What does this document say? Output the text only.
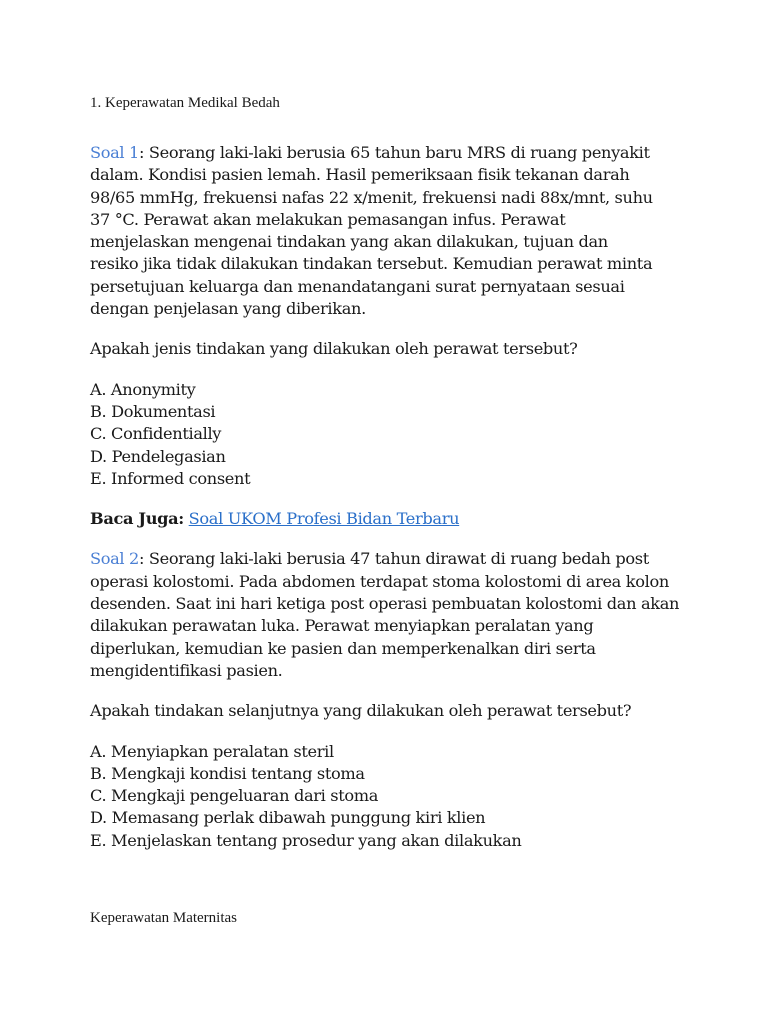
1. Keperawatan Medikal Bedah

Soal 1: Seorang laki-laki berusia 65 tahun baru MRS di ruang penyakit dalam. Kondisi pasien lemah. Hasil pemeriksaan fisik tekanan darah 98/65 mmHg, frekuensi nafas 22 x/menit, frekuensi nadi 88x/mnt, suhu 37 °C. Perawat akan melakukan pemasangan infus. Perawat menjelaskan mengenai tindakan yang akan dilakukan, tujuan dan resiko jika tidak dilakukan tindakan tersebut. Kemudian perawat minta persetujuan keluarga dan menandatangani surat pernyataan sesuai dengan penjelasan yang diberikan.

Apakah jenis tindakan yang dilakukan oleh perawat tersebut?

A. Anonymity
B. Dokumentasi
C. Confidentially
D. Pendelegasian
E. Informed consent

Baca Juga: Soal UKOM Profesi Bidan Terbaru

Soal 2: Seorang laki-laki berusia 47 tahun dirawat di ruang bedah post operasi kolostomi. Pada abdomen terdapat stoma kolostomi di area kolon desenden. Saat ini hari ketiga post operasi pembuatan kolostomi dan akan dilakukan perawatan luka. Perawat menyiapkan peralatan yang diperlukan, kemudian ke pasien dan memperkenalkan diri serta mengidentifikasi pasien.

Apakah tindakan selanjutnya yang dilakukan oleh perawat tersebut?

A. Menyiapkan peralatan steril
B. Mengkaji kondisi tentang stoma
C. Mengkaji pengeluaran dari stoma
D. Memasang perlak dibawah punggung kiri klien
E. Menjelaskan tentang prosedur yang akan dilakukan

Keperawatan Maternitas
